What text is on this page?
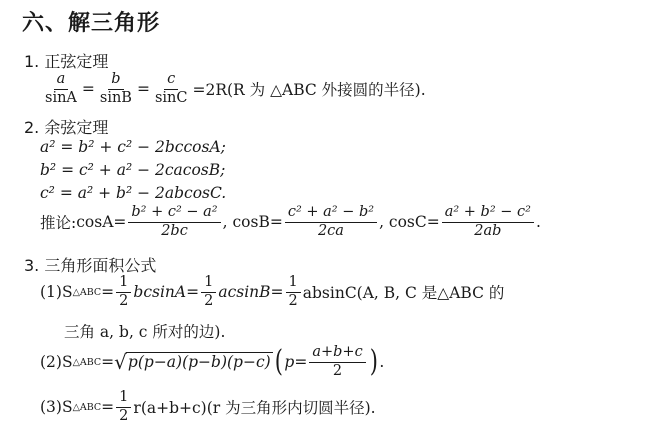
六、解三角形
1. 正弦定理
$\frac{a}{\sin A} = \frac{b}{\sin B} = \frac{c}{\sin C} =2R(R$ 为 △ABC 外接圆的半径).
2. 余弦定理
a² = b² + c² − 2bccosA;
b² = c² + a² − 2cacosB;
c² = a² + b² − 2abcosC.
推论: $\cos A= \frac{\text{b² + c² − a²}}{2bc}$ , $\cos B= \frac{\text{c² + a² − b²}}{2ca}$ , $\cos C= \frac{\text{a² + b² − c²}}{2ab}$ .
3. 三角形面积公式
(1)S △ABC = $\frac{1}{2} bcsinA= \frac{1}{2} acsinB= \frac{1}{2} absinC(A$, B, C 是△ABC 的
三角 a, b, c 所对的边).
(2)S △ABC = √ p(p−a)(p−b)(p−c) ( $p= \frac{a+b+c}{2}$ ) .
(3)S △ABC = $\frac{1}{2} r(a+b+c)(r$ 为三角形内切圆半径).
